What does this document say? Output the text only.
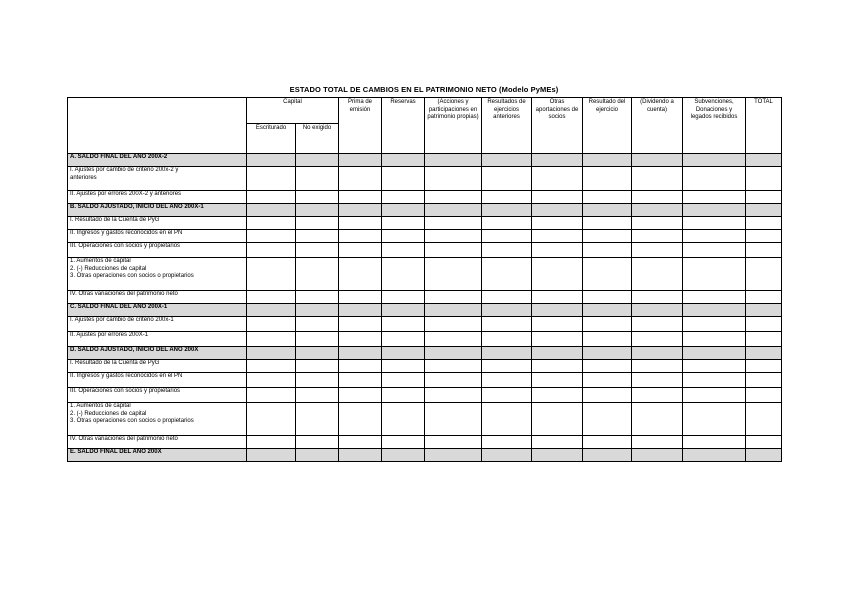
ESTADO TOTAL DE CAMBIOS EN EL PATRIMONIO NETO (Modelo PyMEs)
	Capital		Prima de emisión	Reservas	(Acciones y participaciones en patrimonio propias)	Resultados de ejercicios anteriores	Otras aportaciones de socios	Resultado del ejercicio	(Dividendo a cuenta)	Subvenciones, Donaciones y legados recibidos	TOTAL
	Escriturado	No exigido									

A. SALDO FINAL DEL AÑO 200X-2											

I. Ajustes por cambio de criterio 200x-2 y
anteriores											

II. Ajustes por errores 200X-2 y anteriores											

B. SALDO AJUSTADO, INICIO DEL AÑO 200X-1											

I. Resultado de la Cuenta de PyG											

II. Ingresos y gastos reconocidos en el PN											

III. Operaciones con socios y propietarios											

1. Aumentos de capital
2. (-) Reducciones de capital
3. Otras operaciones con socios o propietarios											

IV. Otras variaciones del patrimonio neto											

C. SALDO FINAL DEL AÑO 200X-1											

I. Ajustes por cambio de criterio 200x-1											

II. Ajustes por errores 200X-1											

D. SALDO AJUSTADO, INICIO DEL AÑO 200X											

I. Resultado de la Cuenta de PyG											

II. Ingresos y gastos reconocidos en el PN											

III. Operaciones con socios y propietarios											

1. Aumentos de capital
2. (-) Reducciones de capital
3. Otras operaciones con socios o propietarios											

IV. Otras variaciones del patrimonio neto											

E. SALDO FINAL DEL AÑO 200X											
